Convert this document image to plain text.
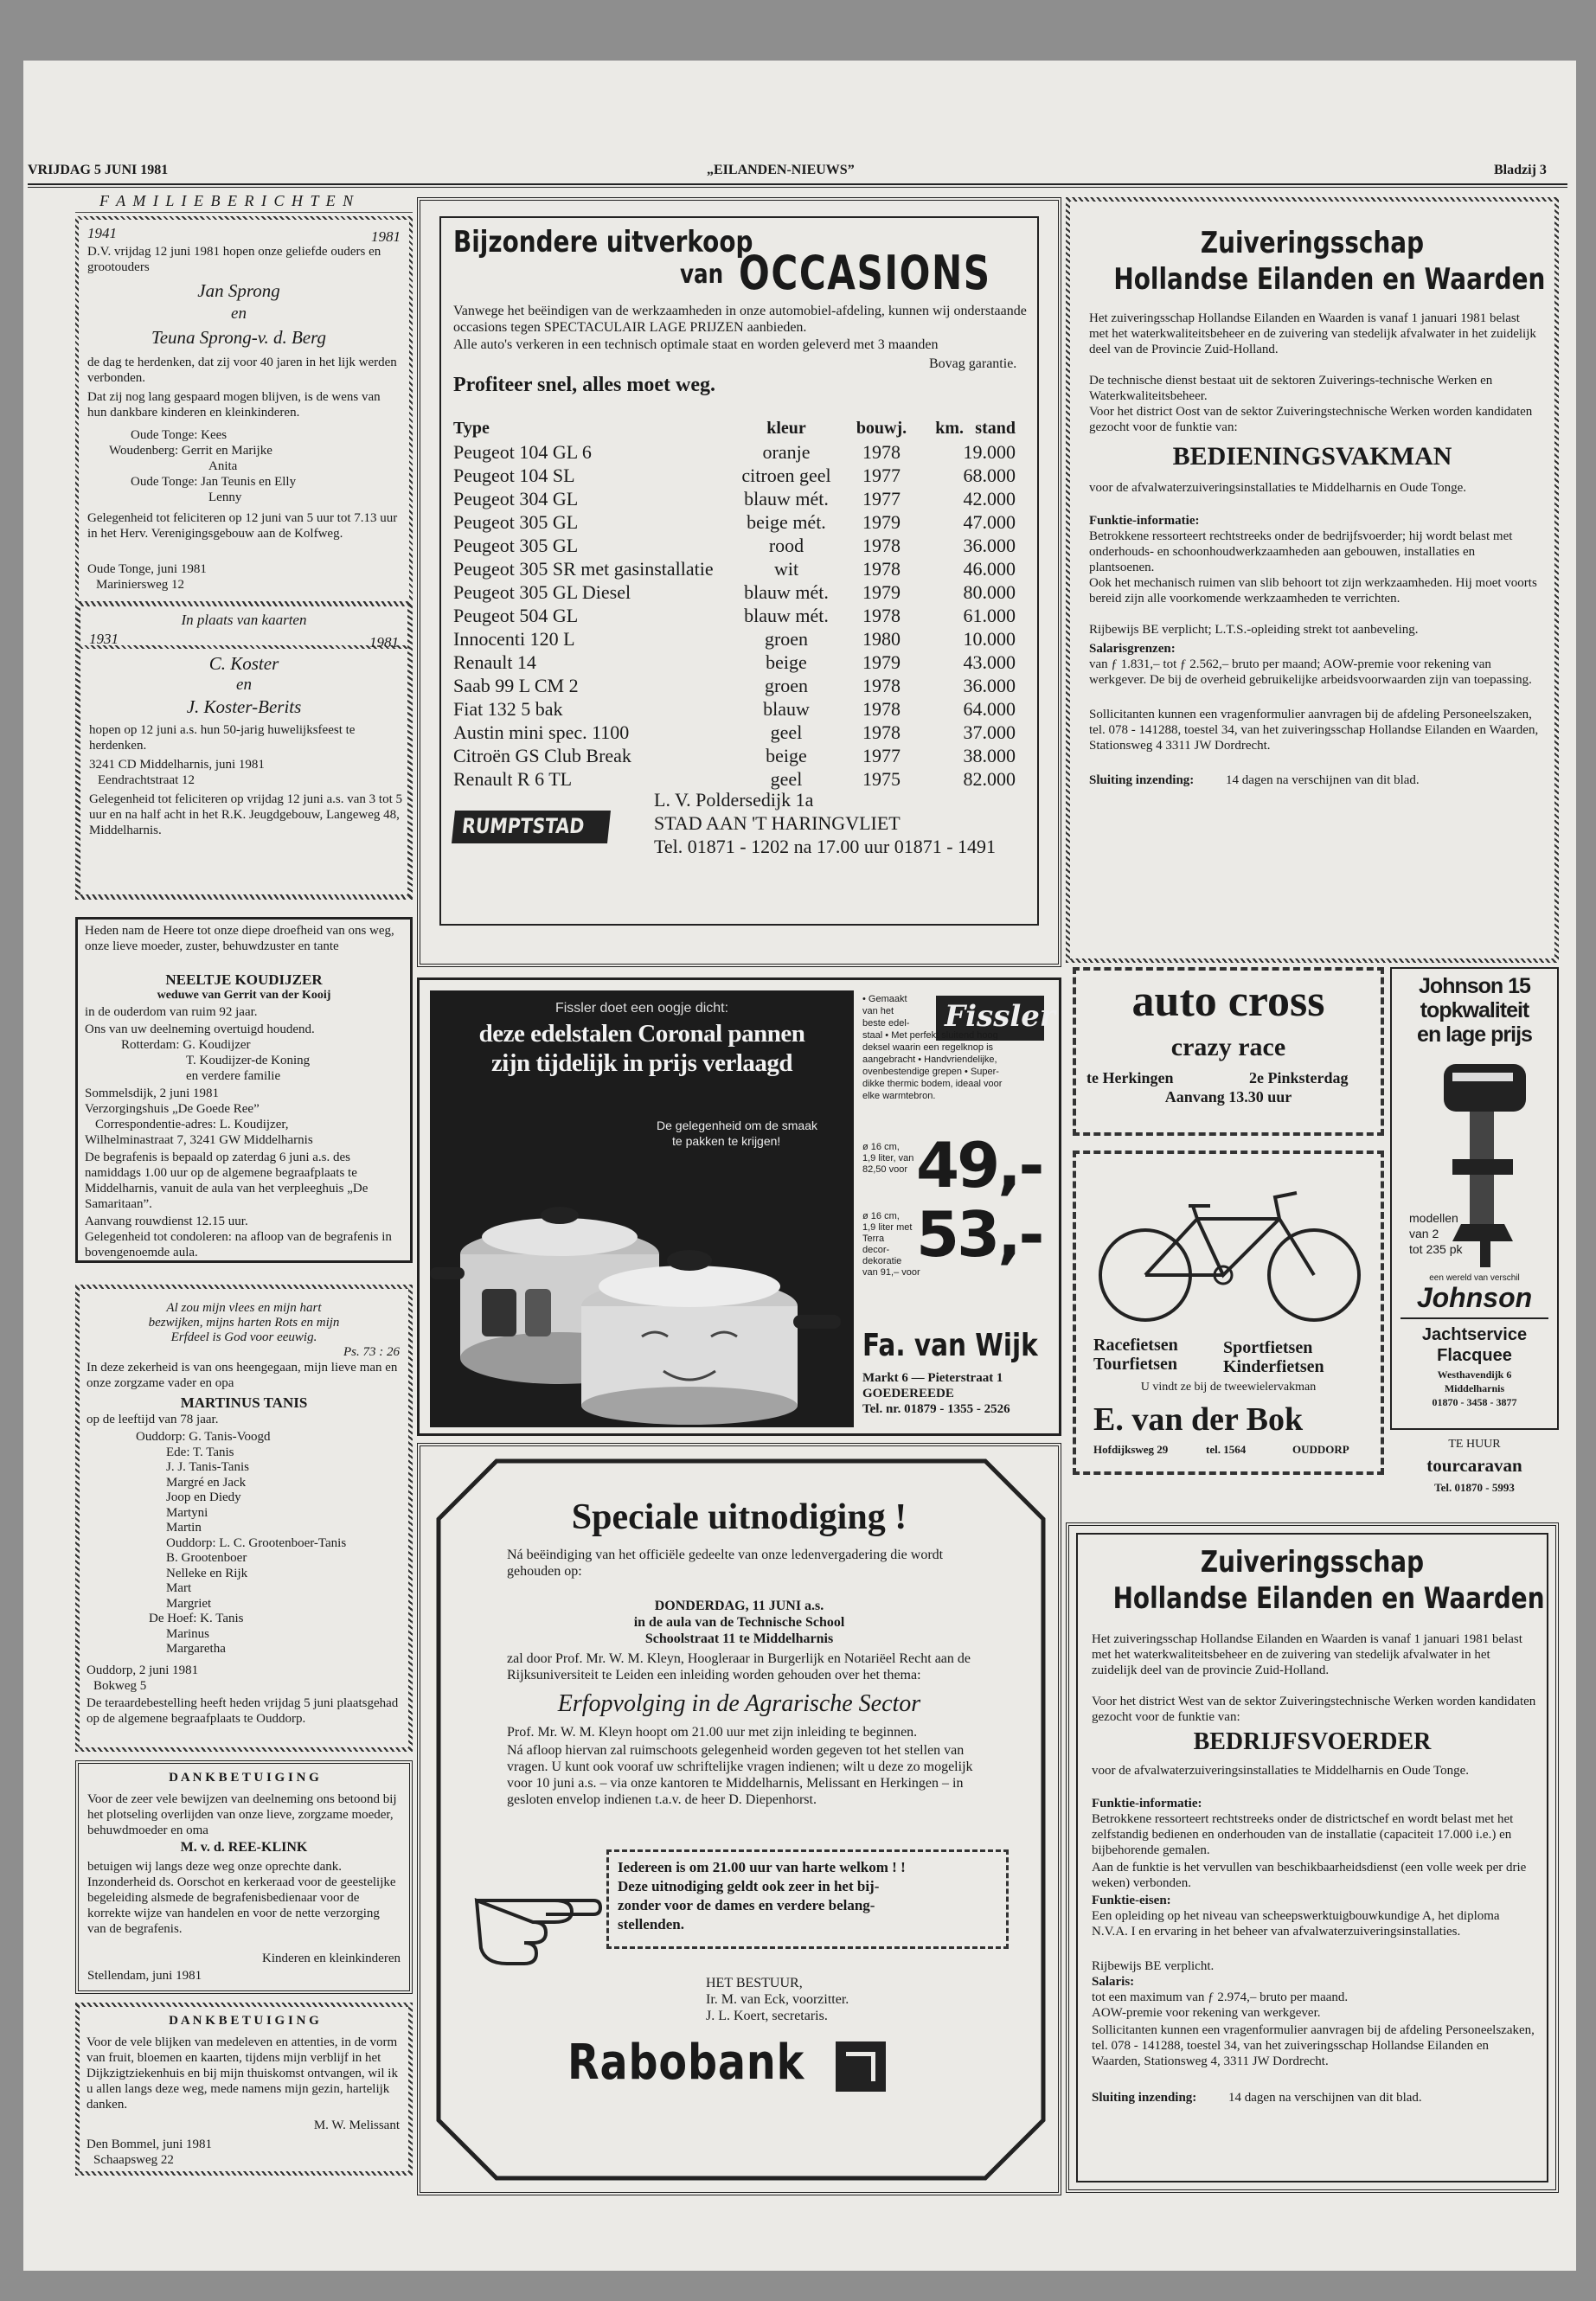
VRIJDAG 5 JUNI 1981	„EILANDEN-NIEUWS”	Bladzij 3
F A M I L I E B E R I C H T E N
1941	1981
D.V. vrijdag 12 juni 1981 hopen onze geliefde ouders en grootouders
Jan Sprong
en
Teuna Sprong-v. d. Berg
de dag te herdenken, dat zij voor 40 jaren in het lijk werden verbonden.
Dat zij nog lang gespaard mogen blijven, is de wens van hun dankbare kinderen en kleinkinderen.
Oude Tonge: Kees
Woudenberg: Gerrit en Marijke
Anita
Oude Tonge: Jan Teunis en Elly
Lenny
Gelegenheid tot feliciteren op 12 juni van 5 uur tot 7.13 uur in het Herv. Verenigingsgebouw aan de Kolfweg.
Oude Tonge, juni 1981
Mariniersweg 12
In plaats van kaarten
1931	1981
C. Koster
en
J. Koster-Berits
hopen op 12 juni a.s. hun 50-jarig huwelijksfeest te herdenken.
3241 CD Middelharnis, juni 1981
Eendrachtstraat 12
Gelegenheid tot feliciteren op vrijdag 12 juni a.s. van 3 tot 5 uur en na half acht in het R.K. Jeugdgebouw, Langeweg 48, Middelharnis.
Heden nam de Heere tot onze diepe droefheid van ons weg, onze lieve moeder, zuster, behuwdzuster en tante
NEELTJE KOUDIJZER
weduwe van Gerrit van der Kooij
in de ouderdom van ruim 92 jaar.
Ons van uw deelneming overtuigd houdend.
Rotterdam: G. Koudijzer
T. Koudijzer-de Koning
en verdere familie
Sommelsdijk, 2 juni 1981
Verzorgingshuis „De Goede Ree”
Correspondentie-adres: L. Koudijzer,
Wilhelminastraat 7, 3241 GW Middelharnis
De begrafenis is bepaald op zaterdag 6 juni a.s. des namiddags 1.00 uur op de algemene begraafplaats te Middelharnis, vanuit de aula van het verpleeghuis „De Samaritaan”.
Aanvang rouwdienst 12.15 uur.
Gelegenheid tot condoleren: na afloop van de begrafenis in bovengenoemde aula.
Al zou mijn vlees en mijn hart
bezwijken, mijns harten Rots en mijn
Erfdeel is God voor eeuwig.
Ps. 73 : 26
In deze zekerheid is van ons heengegaan, mijn lieve man en onze zorgzame vader en opa
MARTINUS TANIS
op de leeftijd van 78 jaar.
Ouddorp: G. Tanis-Voogd
Ede: T. Tanis
J. J. Tanis-Tanis
Margré en Jack
Joop en Diedy
Martyni
Martin
Ouddorp: L. C. Grootenboer-Tanis
B. Grootenboer
Nelleke en Rijk
Mart
Margriet
De Hoef: K. Tanis
Marinus
Margaretha
Ouddorp, 2 juni 1981
Bokweg 5
De teraardebestelling heeft heden vrijdag 5 juni plaatsgehad op de algemene begraafplaats te Ouddorp.
D A N K B E T U I G I N G
Voor de zeer vele bewijzen van deelneming ons betoond bij het plotseling overlijden van onze lieve, zorgzame moeder, behuwdmoeder en oma
M. v. d. REE-KLINK
betuigen wij langs deze weg onze oprechte dank. Inzonderheid ds. Oorschot en kerkeraad voor de geestelijke begeleiding alsmede de begrafenisbedienaar voor de korrekte wijze van handelen en voor de nette verzorging van de begrafenis.
Kinderen en kleinkinderen
Stellendam, juni 1981
D A N K B E T U I G I N G
Voor de vele blijken van medeleven en attenties, in de vorm van fruit, bloemen en kaarten, tijdens mijn verblijf in het Dijkzigtziekenhuis en bij mijn thuiskomst ontvangen, wil ik u allen langs deze weg, mede namens mijn gezin, hartelijk danken.
M. W. Melissant
Den Bommel, juni 1981
Schaapsweg 22
Bijzondere uitverkoop
van OCCASIONS
Vanwege het beëindigen van de werkzaamheden in onze automobiel-afdeling, kunnen wij onderstaande occasions tegen SPECTACULAIR LAGE PRIJZEN aanbieden.
Alle auto's verkeren in een technisch optimale staat en worden geleverd met 3 maanden
Bovag garantie.
Profiteer snel, alles moet weg.
Type	kleur	bouwj.	km.	stand
Peugeot 104 GL 6	oranje	1978	19.000	
Peugeot 104 SL	citroen geel	1977	68.000	
Peugeot 304 GL	blauw mét.	1977	42.000	
Peugeot 305 GL	beige mét.	1979	47.000	
Peugeot 305 GL	rood	1978	36.000	
Peugeot 305 SR met gasinstallatie	wit	1978	46.000	
Peugeot 305 GL Diesel	blauw mét.	1979	80.000	
Peugeot 504 GL	blauw mét.	1978	61.000	
Innocenti 120 L	groen	1980	10.000	
Renault 14	beige	1979	43.000	
Saab 99 L CM 2	groen	1978	36.000	
Fiat 132 5 bak	blauw	1978	64.000	
Austin mini spec. 1100	geel	1978	37.000	
Citroën GS Club Break	beige	1977	38.000	
Renault R 6 TL	geel	1975	82.000	
RUMPTSTAD
L. V. Poldersedijk 1a
STAD AAN 'T HARINGVLIET
Tel. 01871 - 1202 na 17.00 uur 01871 - 1491
Fissler doet een oogje dicht:
deze edelstalen Coronal pannen
zijn tijdelijk in prijs verlaagd
De gelegenheid om de smaak
te pakken te krijgen!
Fissler
• Gemaakt
van het
beste edel-
staal • Met perfekt sluitend hoog
deksel waarin een regelknop is
aangebracht • Handvriendelijke,
ovenbestendige grepen • Super-
dikke thermic bodem, ideaal voor
elke warmtebron.
ø 16 cm,
1,9 liter, van
82,50 voor 49,-
ø 16 cm,
1,9 liter met
Terra
decor-
dekoratie
van 91,– voor
53,-
Fa. van Wijk
Markt 6 — Pieterstraat 1
GOEDEREEDE
Tel. nr. 01879 - 1355 - 2526
Speciale uitnodiging !
Ná beëindiging van het officiële gedeelte van onze ledenvergadering die wordt gehouden op:
DONDERDAG, 11 JUNI a.s.
in de aula van de Technische School
Schoolstraat 11 te Middelharnis
zal door Prof. Mr. W. M. Kleyn, Hoogleraar in Burgerlijk en Notariëel Recht aan de Rijksuniversiteit te Leiden een inleiding worden gehouden over het thema:
Erfopvolging in de Agrarische Sector
Prof. Mr. W. M. Kleyn hoopt om 21.00 uur met zijn inleiding te beginnen.
Ná afloop hiervan zal ruimschoots gelegenheid worden gegeven tot het stellen van vragen. U kunt ook vooraf uw schriftelijke vragen indienen; wilt u deze zo mogelijk voor 10 juni a.s. – via onze kantoren te Middelharnis, Melissant en Herkingen – in gesloten envelop indienen t.a.v. de heer D. Diepenhorst.
Iedereen is om 21.00 uur van harte welkom ! !
Deze uitnodiging geldt ook zeer in het bij-
zonder voor de dames en verdere belang-
stellenden.
HET BESTUUR,
Ir. M. van Eck, voorzitter.
J. L. Koert, secretaris.
Rabobank
Zuiveringsschap
Hollandse Eilanden en Waarden
Het zuiveringsschap Hollandse Eilanden en Waarden is vanaf 1 januari 1981 belast met het waterkwaliteitsbeheer en de zuivering van stedelijk afvalwater in het zuidelijk deel van de Provincie Zuid-Holland.
De technische dienst bestaat uit de sektoren Zuiverings-technische Werken en Waterkwaliteitsbeheer.
Voor het district Oost van de sektor Zuiveringstechnische Werken worden kandidaten gezocht voor de funktie van:
BEDIENINGSVAKMAN
voor de afvalwaterzuiveringsinstallaties te Middelharnis en Oude Tonge.
Funktie-informatie:
Betrokkene ressorteert rechtstreeks onder de bedrijfsvoerder; hij wordt belast met onderhouds- en schoonhoudwerkzaamheden aan gebouwen, installaties en plantsoenen.
Ook het mechanisch ruimen van slib behoort tot zijn werkzaamheden. Hij moet voorts bereid zijn alle voorkomende werkzaamheden te verrichten.
Rijbewijs BE verplicht; L.T.S.-opleiding strekt tot aanbeveling.
Salarisgrenzen:
van ƒ 1.831,– tot ƒ 2.562,– bruto per maand; AOW-premie voor rekening van werkgever. De bij de overheid gebruikelijke arbeidsvoorwaarden zijn van toepassing.
Sollicitanten kunnen een vragenformulier aanvragen bij de afdeling Personeelszaken, tel. 078 - 141288, toestel 34, van het zuiveringsschap Hollandse Eilanden en Waarden, Stationsweg 4 3311 JW Dordrecht.
Sluiting inzending: 14 dagen na verschijnen van dit blad.
auto cross
crazy race
te Herkingen	2e Pinksterdag
Aanvang 13.30 uur
Johnson 15
topkwaliteit
en lage prijs
modellen
van 2
tot 235 pk
een wereld van verschil
Johnson
Jachtservice
Flacquee
Westhavendijk 6
Middelharnis
01870 - 3458 - 3877
Racefietsen
Tourfietsen
Sportfietsen
Kinderfietsen
U vindt ze bij de tweewielervakman
E. van der Bok
Hofdijksweg 29	tel. 1564	OUDDORP	TE HUUR
tourcaravan
Tel. 01870 - 5993
Zuiveringsschap
Hollandse Eilanden en Waarden
Het zuiveringsschap Hollandse Eilanden en Waarden is vanaf 1 januari 1981 belast met het waterkwaliteitsbeheer en de zuivering van stedelijk afvalwater in het zuidelijk deel van de provincie Zuid-Holland.
Voor het district West van de sektor Zuiveringstechnische Werken worden kandidaten gezocht voor de funktie van:
BEDRIJFSVOERDER
voor de afvalwaterzuiveringsinstallaties te Middelharnis en Oude Tonge.
Funktie-informatie:
Betrokkene ressorteert rechtstreeks onder de districtschef en wordt belast met het zelfstandig bedienen en onderhouden van de installatie (capaciteit 17.000 i.e.) en bijbehorende gemalen.
Aan de funktie is het vervullen van beschikbaarheidsdienst (een volle week per drie weken) verbonden.
Funktie-eisen:
Een opleiding op het niveau van scheepswerktuigbouwkundige A, het diploma N.V.A. I en ervaring in het beheer van afvalwaterzuiveringsinstallaties.
Rijbewijs BE verplicht.
Salaris:
tot een maximum van ƒ 2.974,– bruto per maand.
AOW-premie voor rekening van werkgever.
Sollicitanten kunnen een vragenformulier aanvragen bij de afdeling Personeelszaken, tel. 078 - 141288, toestel 34, van het zuiveringsschap Hollandse Eilanden en Waarden, Stationsweg 4, 3311 JW Dordrecht.
Sluiting inzending: 14 dagen na verschijnen van dit blad.
